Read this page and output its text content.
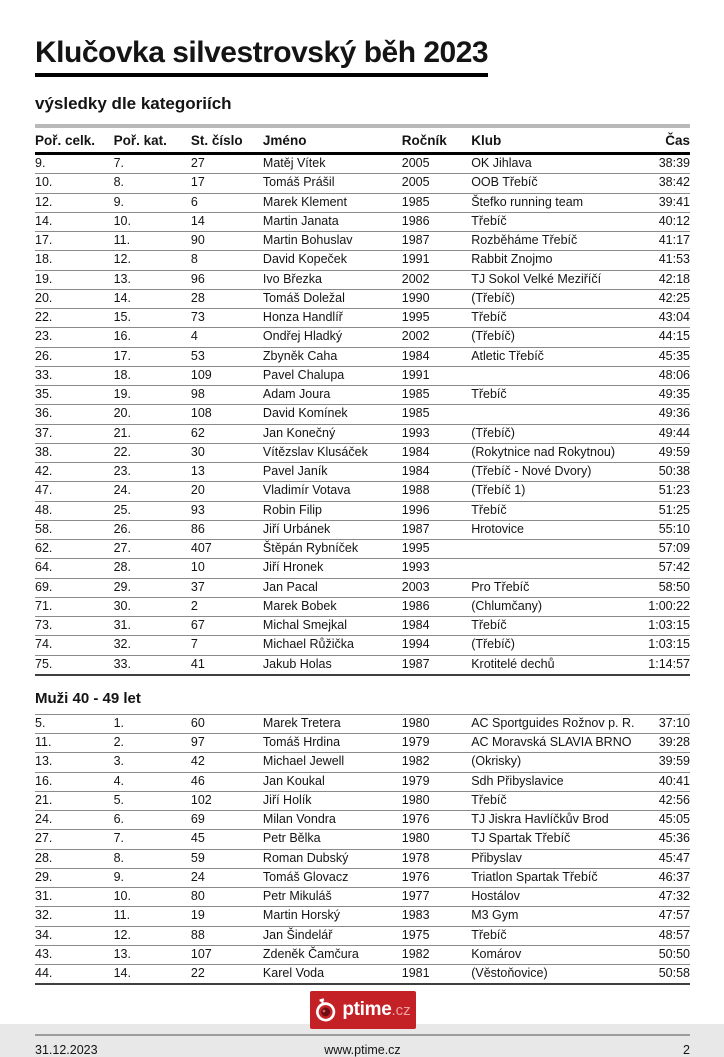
Klučovka silvestrovský běh 2023
výsledky dle kategoriích
Poř. celk.	Poř. kat.	St. číslo	Jméno	Ročník	Klub	Čas
9.	7.	27	Matěj Vítek	2005	OK Jihlava	38:39
10.	8.	17	Tomáš Prášil	2005	OOB Třebíč	38:42
12.	9.	6	Marek Klement	1985	Štefko running team	39:41
14.	10.	14	Martin Janata	1986	Třebíč	40:12
17.	11.	90	Martin Bohuslav	1987	Rozběháme Třebíč	41:17
18.	12.	8	David Kopeček	1991	Rabbit Znojmo	41:53
19.	13.	96	Ivo Březka	2002	TJ Sokol Velké Meziříčí	42:18
20.	14.	28	Tomáš Doležal	1990	(Třebíč)	42:25
22.	15.	73	Honza Handlíř	1995	Třebíč	43:04
23.	16.	4	Ondřej Hladký	2002	(Třebíč)	44:15
26.	17.	53	Zbyněk Caha	1984	Atletic Třebíč	45:35
33.	18.	109	Pavel Chalupa	1991		48:06
35.	19.	98	Adam Joura	1985	Třebíč	49:35
36.	20.	108	David Komínek	1985		49:36
37.	21.	62	Jan Konečný	1993	(Třebíč)	49:44
38.	22.	30	Vítězslav Klusáček	1984	(Rokytnice nad Rokytnou)	49:59
42.	23.	13	Pavel Janík	1984	(Třebíč - Nové Dvory)	50:38
47.	24.	20	Vladimír Votava	1988	(Třebíč 1)	51:23
48.	25.	93	Robin Filip	1996	Třebíč	51:25
58.	26.	86	Jiří Urbánek	1987	Hrotovice	55:10
62.	27.	407	Štěpán Rybníček	1995		57:09
64.	28.	10	Jiří Hronek	1993		57:42
69.	29.	37	Jan Pacal	2003	Pro Třebíč	58:50
71.	30.	2	Marek Bobek	1986	(Chlumčany)	1:00:22
73.	31.	67	Michal Smejkal	1984	Třebíč	1:03:15
74.	32.	7	Michael Růžička	1994	(Třebíč)	1:03:15
75.	33.	41	Jakub Holas	1987	Krotitelé dechů	1:14:57
Muži 40 - 49 let
5.	1.	60	Marek Tretera	1980	AC Sportguides Rožnov p. R.	37:10
11.	2.	97	Tomáš Hrdina	1979	AC Moravská SLAVIA BRNO	39:28
13.	3.	42	Michael Jewell	1982	(Okrisky)	39:59
16.	4.	46	Jan Koukal	1979	Sdh Přibyslavice	40:41
21.	5.	102	Jiří Holík	1980	Třebíč	42:56
24.	6.	69	Milan Vondra	1976	TJ Jiskra Havlíčkův Brod	45:05
27.	7.	45	Petr Bělka	1980	TJ Spartak Třebíč	45:36
28.	8.	59	Roman Dubský	1978	Přibyslav	45:47
29.	9.	24	Tomáš Glovacz	1976	Triatlon Spartak Třebíč	46:37
31.	10.	80	Petr Mikuláš	1977	Hostálov	47:32
32.	11.	19	Martin Horský	1983	M3 Gym	47:57
34.	12.	88	Jan Šindelář	1975	Třebíč	48:57
43.	13.	107	Zdeněk Čamčura	1982	Komárov	50:50
44.	14.	22	Karel Voda	1981	(Věstoňovice)	50:58
ptime.cz
31.12.2023	www.ptime.cz	2
